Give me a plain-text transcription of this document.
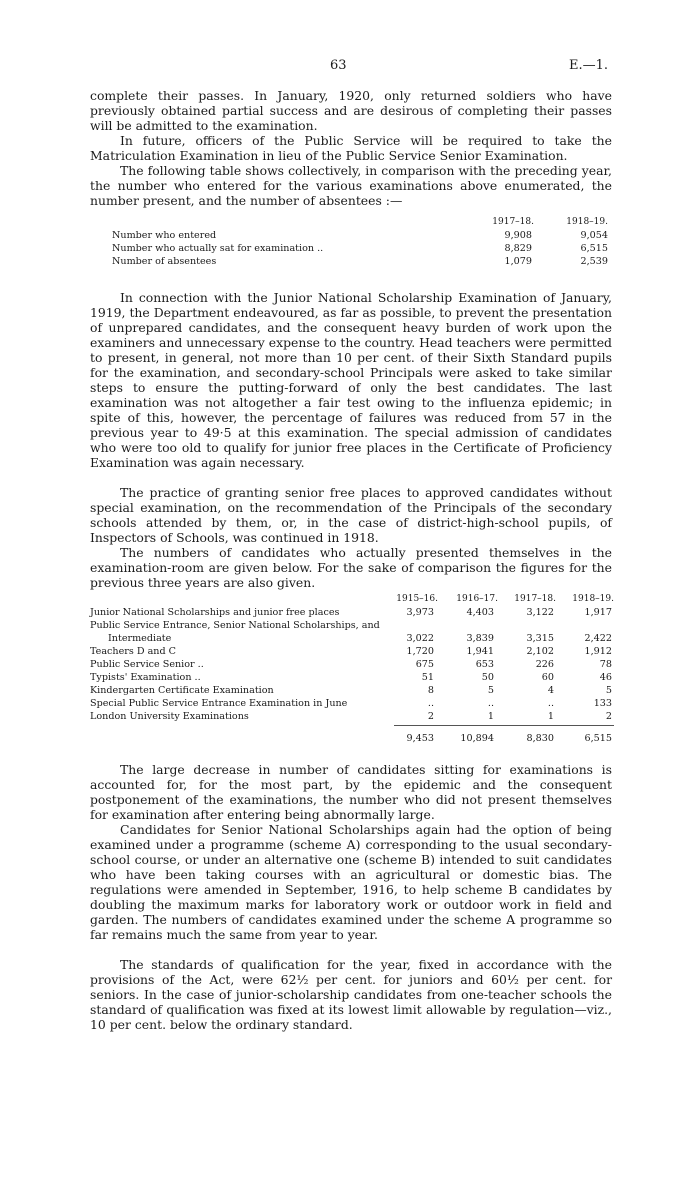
63	E.—1.

complete their passes. In January, 1920, only returned soldiers who have previously obtained partial success and are desirous of completing their passes will be admitted to the examination.

In future, officers of the Public Service will be required to take the Matriculation Examination in lieu of the Public Service Senior Examination.

The following table shows collectively, in comparison with the preceding year, the number who entered for the various examinations above enumerated, the number present, and the number of absentees :—

1917–18.	1918–19.
Number who entered	9,908	9,054
Number who actually sat for examination ..	8,829	6,515
Number of absentees	1,079	2,539

In connection with the Junior National Scholarship Examination of January, 1919, the Department endeavoured, as far as possible, to prevent the presentation of unprepared candidates, and the consequent heavy burden of work upon the examiners and unnecessary expense to the country. Head teachers were permitted to present, in general, not more than 10 per cent. of their Sixth Standard pupils for the examination, and secondary-school Principals were asked to take similar steps to ensure the putting-forward of only the best candidates. The last examination was not altogether a fair test owing to the influenza epidemic; in spite of this, however, the percentage of failures was reduced from 57 in the previous year to 49·5 at this examination. The special admission of candidates who were too old to qualify for junior free places in the Certificate of Proficiency Examination was again necessary.

The practice of granting senior free places to approved candidates without special examination, on the recommendation of the Principals of the secondary schools attended by them, or, in the case of district-high-school pupils, of Inspectors of Schools, was continued in 1918.

The numbers of candidates who actually presented themselves in the examination-room are given below. For the sake of comparison the figures for the previous three years are also given.

1915–16. 1916–17. 1917–18. 1918–19.
Junior National Scholarships and junior free places	3,973	4,403	3,122	1,917
Public Service Entrance, Senior National Scholarships, and
Intermediate	3,022	3,839	3,315	2,422
Teachers D and C	1,720	1,941	2,102	1,912
Public Service Senior ..	675	653	226	78
Typists' Examination ..	51	50	60	46
Kindergarten Certificate Examination	8	5	4	5
Special Public Service Entrance Examination in June	..	..	..	133
London University Examinations	2	1	1	2
9,453	10,894	8,830	6,515

The large decrease in number of candidates sitting for examinations is accounted for, for the most part, by the epidemic and the consequent postponement of the examinations, the number who did not present themselves for examination after entering being abnormally large.

Candidates for Senior National Scholarships again had the option of being examined under a programme (scheme A) corresponding to the usual secondary-school course, or under an alternative one (scheme B) intended to suit candidates who have been taking courses with an agricultural or domestic bias. The regulations were amended in September, 1916, to help scheme B candidates by doubling the maximum marks for laboratory work or outdoor work in field and garden. The numbers of candidates examined under the scheme A programme so far remains much the same from year to year.

The standards of qualification for the year, fixed in accordance with the provisions of the Act, were 62½ per cent. for juniors and 60½ per cent. for seniors. In the case of junior-scholarship candidates from one-teacher schools the standard of qualification was fixed at its lowest limit allowable by regulation—viz., 10 per cent. below the ordinary standard.
